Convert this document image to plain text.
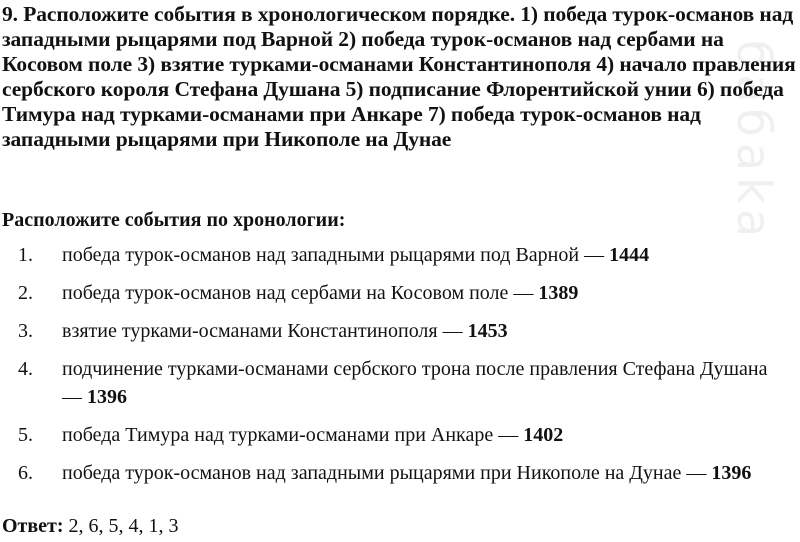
бaбaka
9. Расположите события в хронологическом порядке. 1) победа турок-османов над западными рыцарями под Варной 2) победа турок-османов над сербами на Косовом поле 3) взятие турками-османами Константинополя 4) начало правления сербского короля Стефана Душана 5) подписание Флорентийской унии 6) победа Тимура над турками-османами при Анкаре 7) победа турок-османов над западными рыцарями при Никополе на Дунае
Расположите события по хронологии:
1. победа турок-османов над западными рыцарями под Варной — 1444
2. победа турок-османов над сербами на Косовом поле — 1389
3. взятие турками-османами Константинополя — 1453
4. подчинение турками-османами сербского трона после правления Стефана Душана — 1396
5. победа Тимура над турками-османами при Анкаре — 1402
6. победа турок-османов над западными рыцарями при Никополе на Дунае — 1396
Ответ: 2, 6, 5, 4, 1, 3
